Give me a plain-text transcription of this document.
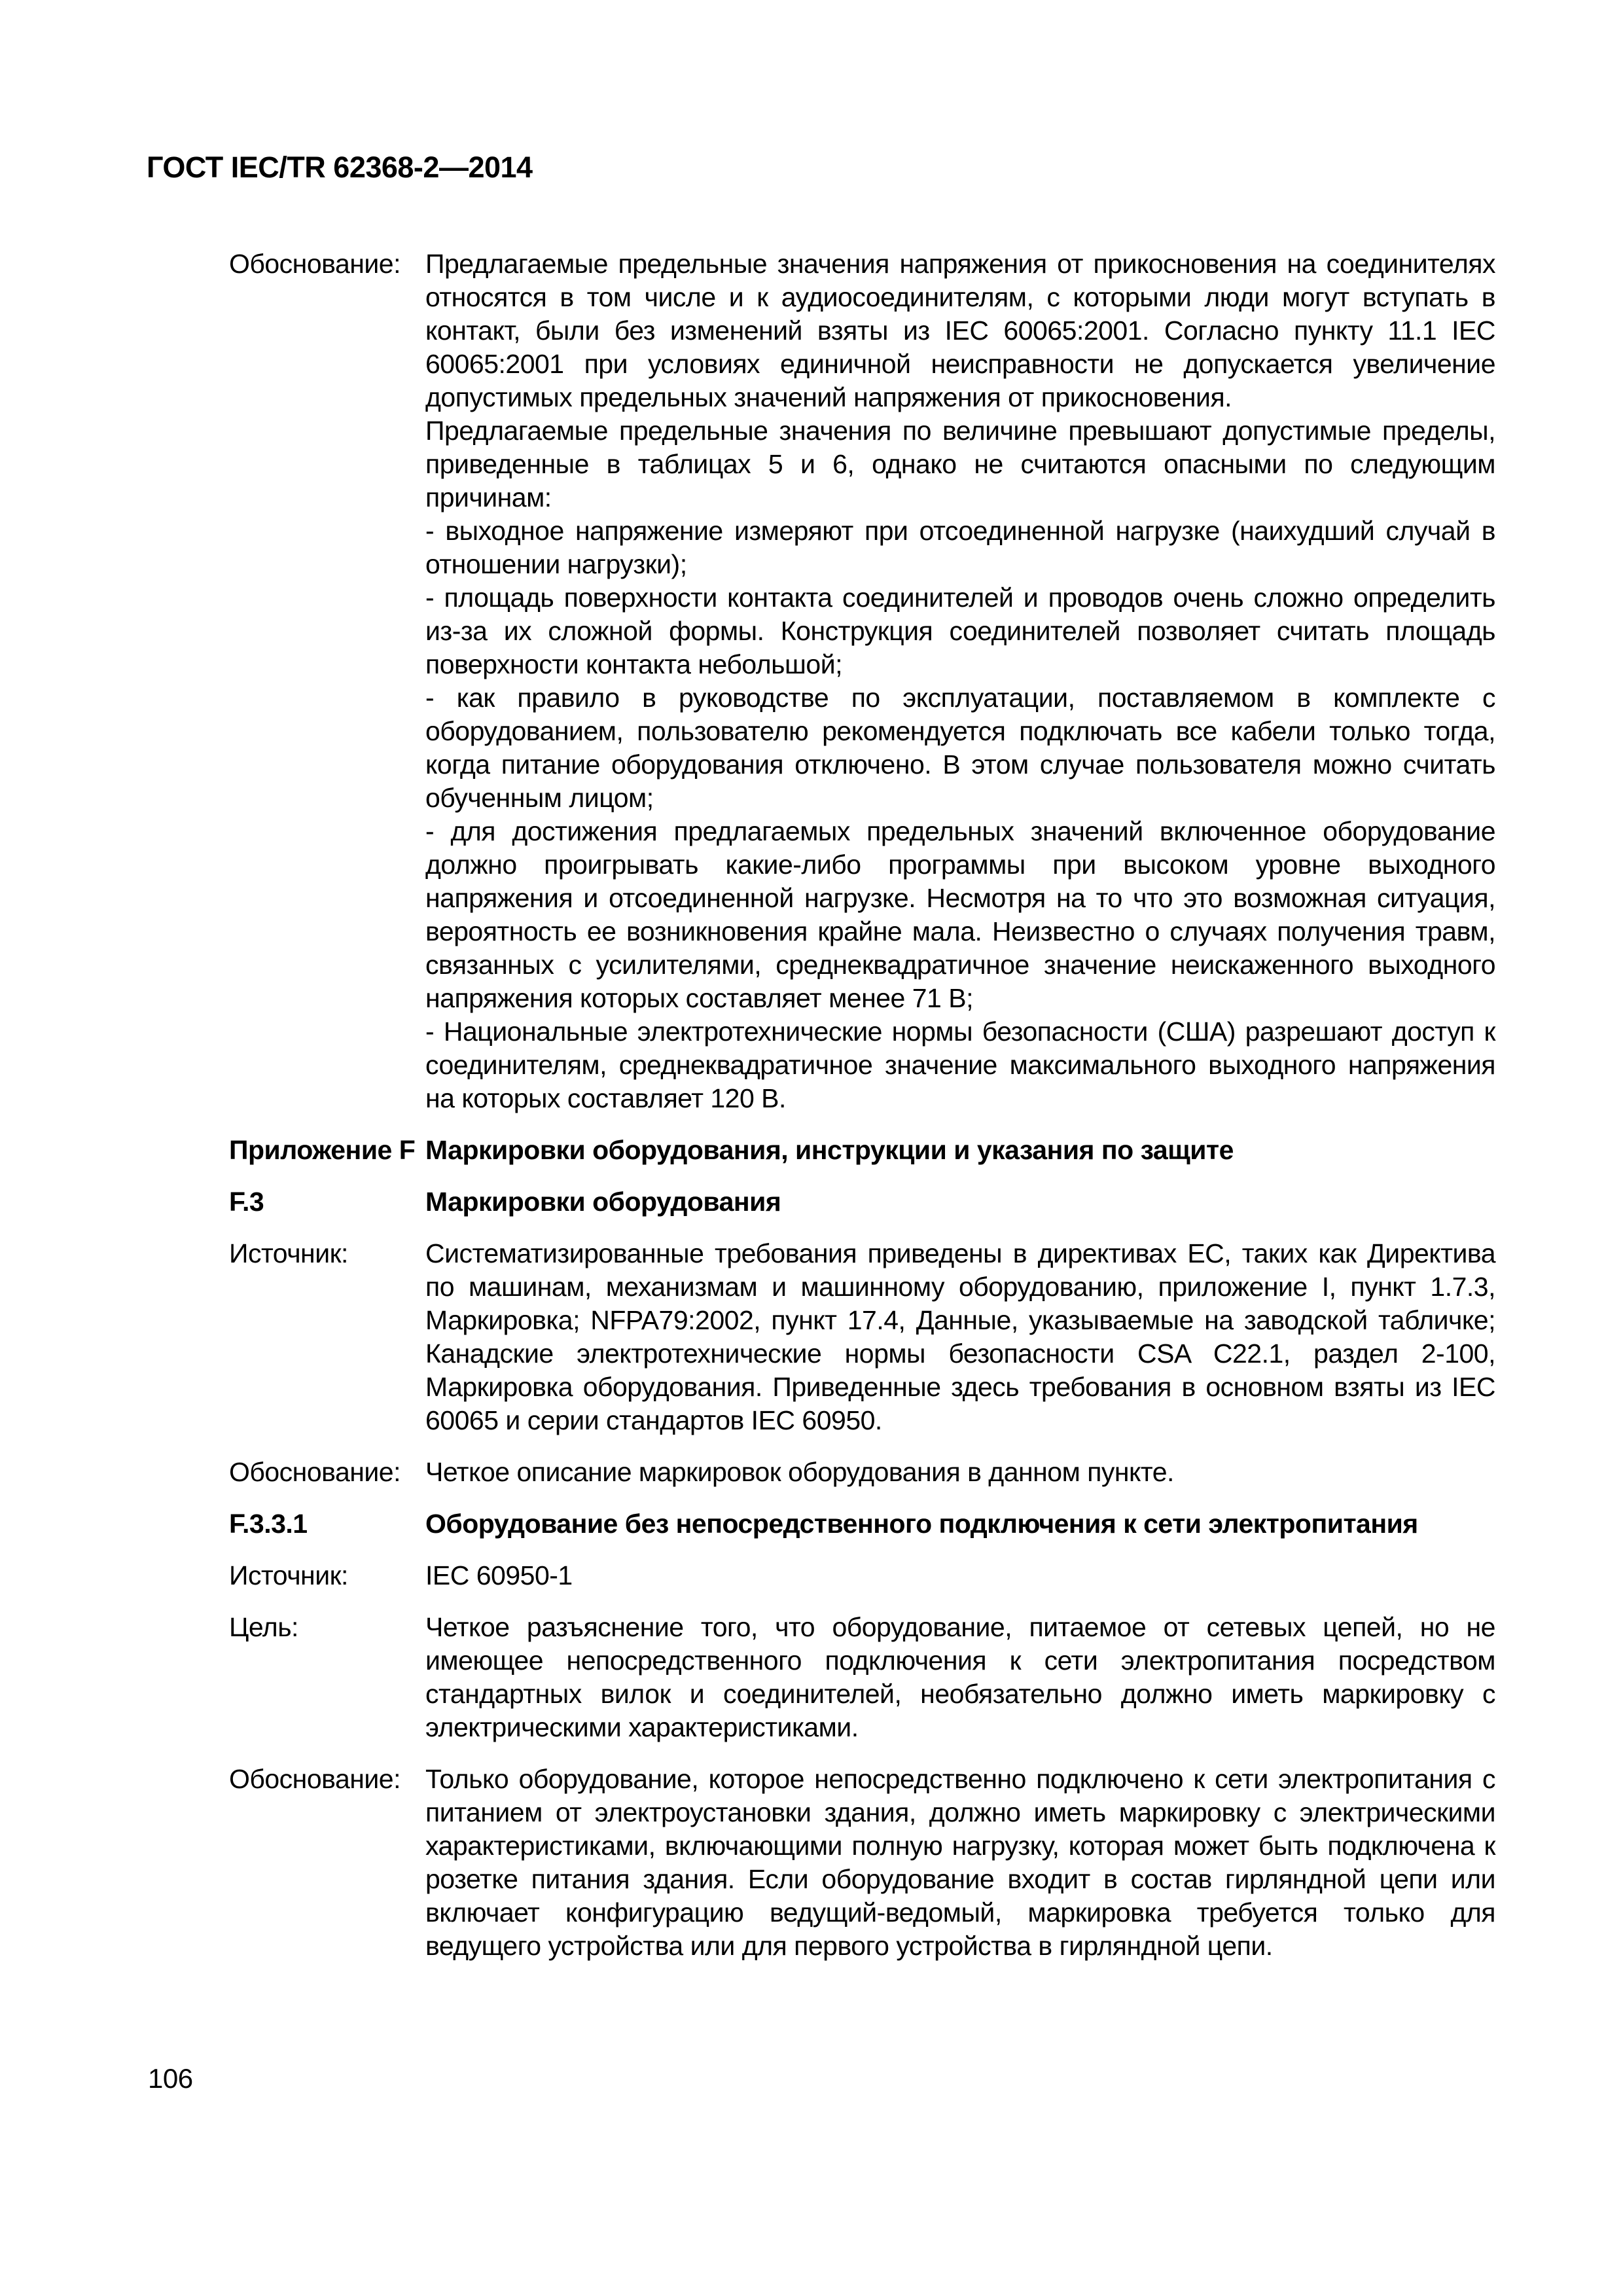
ГОСТ IEC/TR 62368-2—2014
Обоснование: Предлагаемые предельные значения напряжения от прикосновения на соединителях относятся в том числе и к аудиосоединителям, с которыми люди могут вступать в контакт, были без изменений взяты из IEC 60065:2001. Согласно пункту 11.1 IEC 60065:2001 при условиях единичной неисправности не допускается увеличение допустимых предельных значений напряжения от прикосновения.

Предлагаемые предельные значения по величине превышают допустимые пределы, приведенные в таблицах 5 и 6, однако не считаются опасными по следующим причинам:

- выходное напряжение измеряют при отсоединенной нагрузке (наихудший случай в отношении нагрузки);

- площадь поверхности контакта соединителей и проводов очень сложно определить из-за их сложной формы. Конструкция соединителей позволяет считать площадь поверхности контакта небольшой;

- как правило в руководстве по эксплуатации, поставляемом в комплекте с оборудованием, пользователю рекомендуется подключать все кабели только тогда, когда питание оборудования отключено. В этом случае пользователя можно считать обученным лицом;

- для достижения предлагаемых предельных значений включенное оборудование должно проигрывать какие-либо программы при высоком уровне выходного напряжения и отсоединенной нагрузке. Несмотря на то что это возможная ситуация, вероятность ее возникновения крайне мала. Неизвестно о случаях получения травм, связанных с усилителями, среднеквадратичное значение неискаженного выходного напряжения которых составляет менее 71 В;

- Национальные электротехнические нормы безопасности (США) разрешают доступ к соединителям, среднеквадратичное значение максимального выходного напряжения на которых составляет 120 В.

Приложение F Маркировки оборудования, инструкции и указания по защите

F.3	Маркировки оборудования

Источник:	Систематизированные требования приведены в директивах ЕС, таких как Директива по машинам, механизмам и машинному оборудованию, приложение I, пункт 1.7.3, Маркировка; NFPA79:2002, пункт 17.4, Данные, указываемые на заводской табличке; Канадские электротехнические нормы безопасности CSA C22.1, раздел 2-100, Маркировка оборудования. Приведенные здесь требования в основном взяты из IEC 60065 и серии стандартов IEC 60950.

Обоснование: Четкое описание маркировок оборудования в данном пункте.

F.3.3.1	Оборудование без непосредственного подключения к сети электропитания

Источник:	IEC 60950-1

Цель:	Четкое разъяснение того, что оборудование, питаемое от сетевых цепей, но не имеющее непосредственного подключения к сети электропитания посредством стандартных вилок и соединителей, необязательно должно иметь маркировку с электрическими характеристиками.

Обоснование: Только оборудование, которое непосредственно подключено к сети электропитания с питанием от электроустановки здания, должно иметь маркировку с электрическими характеристиками, включающими полную нагрузку, которая может быть подключена к розетке питания здания. Если оборудование входит в состав гирляндной цепи или включает конфигурацию ведущий-ведомый, маркировка требуется только для ведущего устройства или для первого устройства в гирляндной цепи.

106
